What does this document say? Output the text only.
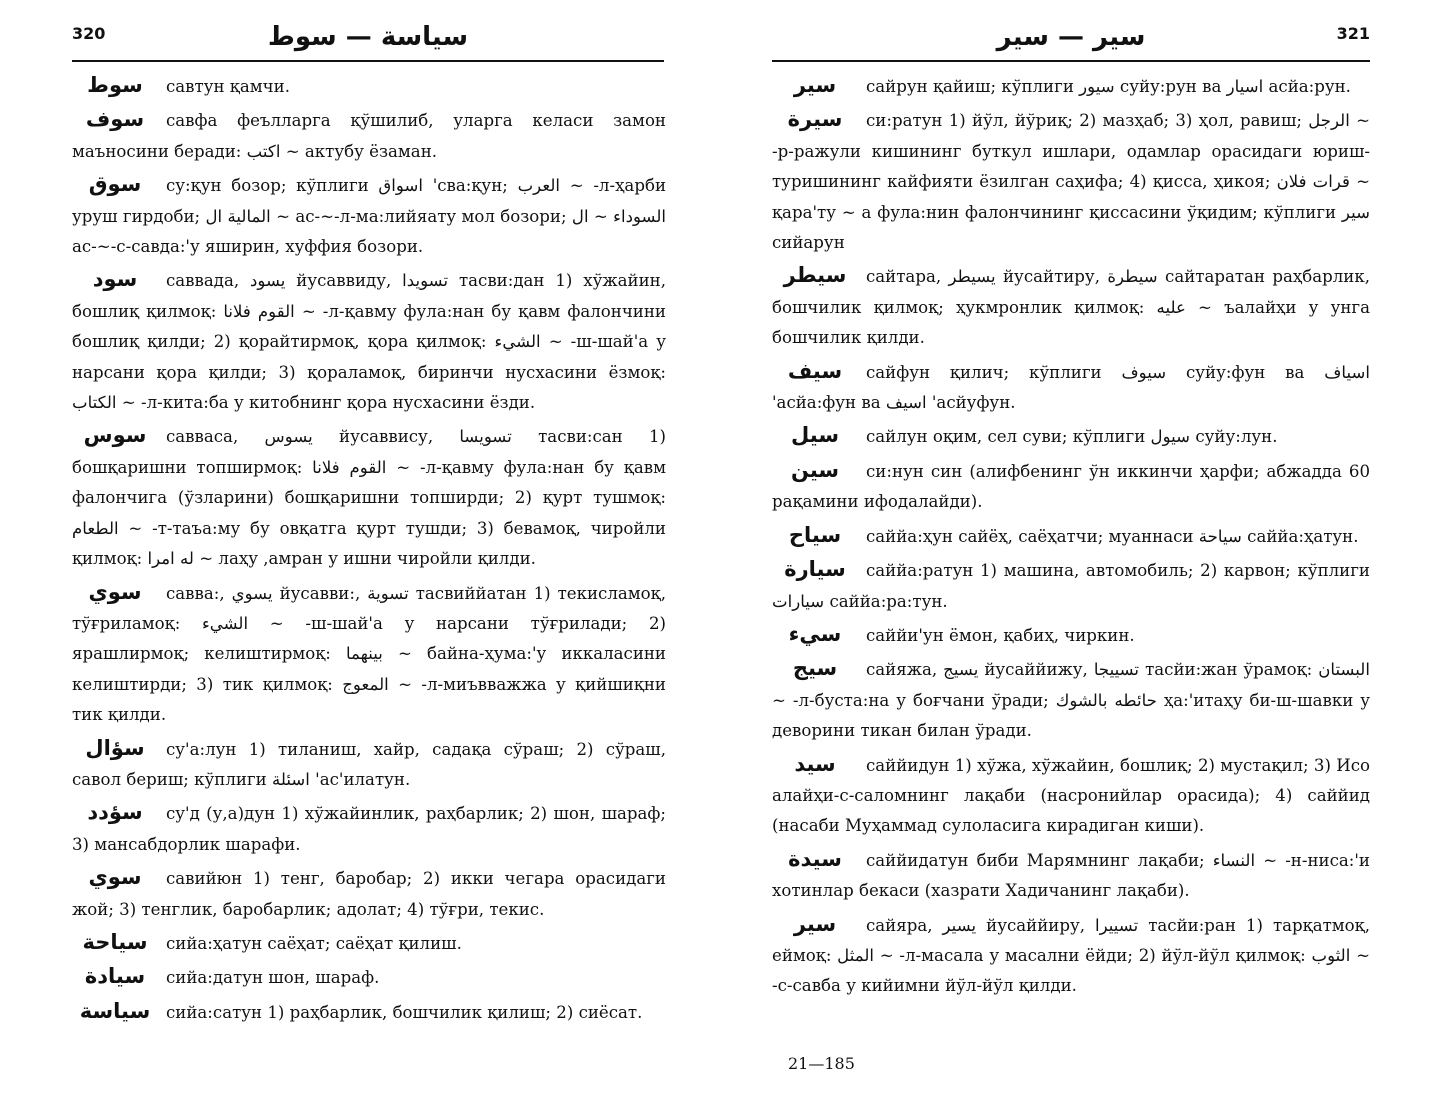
320	سياسة — سوط
سوط савтун қамчи.
سوف савфа феълларга қўшилиб, уларга келаси замон маъносини беради: اكتب ~ актубу ёзаман.
سوق су:қун бозор; кўплиги اسواق 'сва:қун; العرب ~ -л-ҳарби уруш гирдоби; المالية ال ~ ас-~-л-ма:лийяату мол бозори; السوداء ~ ال ас-~-с-савда:'у яширин, хуффия бозори.
سود саввада, يسود йусаввиду, تسويدا тасви:дан 1) хўжайин, бошлиқ қилмоқ: القوم فلانا ~ -л-қавму фула:нан бу қавм фалончини бошлиқ қилди; 2) қорайтирмоқ, қора қилмоқ: الشيء ~ -ш-шай'а у нарсани қора қилди; 3) қораламоқ, биринчи нусхасини ёзмоқ: الكتاب ~ -л-кита:ба у китобнинг қора нусхасини ёзди.
سوس савваса, يسوس йусаввису, تسويسا тасви:сан 1) бошқаришни топширмоқ: القوم فلانا ~ -л-қавму фула:нан бу қавм фалончига (ўзларини) бошқаришни топширди; 2) қурт тушмоқ: الطعام ~ -т-таъа:му бу овқатга қурт тушди; 3) бевамоқ, чиройли қилмоқ: له امرا ~ лаҳу ,амран у ишни чиройли қилди.
سوي савва:, يسوي йусавви:, تسوية тасвиййатан 1) текисламоқ, тўғриламоқ: الشيء ~ -ш-шай'а у нарсани тўғрилади; 2) ярашлирмоқ; келиштирмоқ: بينهما ~ байна-ҳума:'у иккаласини келиштирди; 3) тик қилмоқ: المعوج ~ -л-миъвважжа у қийшиқни тик қилди.
سؤال су'а:лун 1) тиланиш, хайр, садақа сўраш; 2) сўраш, савол бериш; кўплиги اسئلة 'ас'илатун.
سؤدد су'д (у,а)дун 1) хўжайинлик, раҳбарлик; 2) шон, шараф; 3) мансабдорлик шарафи.
سوي савийюн 1) тенг, баробар; 2) икки чегара орасидаги жой; 3) тенглик, баробарлик; адолат; 4) тўғри, текис.
سياحة сийа:ҳатун саёҳат; саёҳат қилиш.
سيادة сийа:датун шон, шараф.
سياسة сийа:сатун 1) раҳбарлик, бошчилик қилиш; 2) сиёсат.
321
سير — سير
سير сайрун қайиш; кўплиги سيور суйу:рун ва اسيار асйа:рун.
سيرة си:ратун 1) йўл, йўриқ; 2) мазҳаб; 3) ҳол, равиш; الرجل ~ -р-ражули кишининг буткул ишлари, одамлар орасидаги юриш-туришининг кайфияти ёзилган саҳифа; 4) қисса, ҳикоя; قرات فلان ~ қара'ту ~ а фула:нин фалончининг қиссасини ўқидим; кўплиги سير сийарун
سيطر сайтара, يسيطر йусайтиру, سيطرة сайтаратан раҳбарлик, бошчилик қилмоқ; ҳукмронлик қилмоқ: عليه ~ ъалайҳи у унга бошчилик қилди.
سيف сайфун қилич; кўплиги سيوف суйу:фун ва اسياف 'асйа:фун ва اسيف 'асйуфун.
سيل сайлун оқим, сел суви; кўплиги سيول суйу:лун.
سين си:нун син (алифбенинг ўн иккинчи ҳарфи; абжадда 60 рақамини ифодалайди).
سياح саййа:ҳун сайёҳ, саёҳатчи; муаннаси سياحة саййа:ҳатун.
سيارة саййа:ратун 1) машина, автомобиль; 2) карвон; кўплиги سيارات саййа:ра:тун.
سيء саййи'ун ёмон, қабиҳ, чиркин.
سيج сайяжа, يسيج йусаййижу, تسييجا тасйи:жан ўрамоқ: البستان ~ -л-буста:на у боғчани ўради; حائطه بالشوك ҳа:'итаҳу би-ш-шавки у деворини тикан билан ўради.
سيد саййидун 1) хўжа, хўжайин, бошлиқ; 2) мустақил; 3) Исо алайҳи-с-саломнинг лақаби (насронийлар орасида); 4) саййид (насаби Муҳаммад сулоласига кирадиган киши).
سيدة саййидатун биби Марямнинг лақаби; النساء ~ -н-ниса:'и хотинлар бекаси (хазрати Хадичанинг лақаби).
سير сайяра, يسير йусаййиру, تسييرا тасйи:ран 1) тарқатмоқ, еймоқ: المثل ~ -л-масала у масални ёйди; 2) йўл-йўл қилмоқ: الثوب ~ -с-савба у кийимни йўл-йўл қилди.
21—185
